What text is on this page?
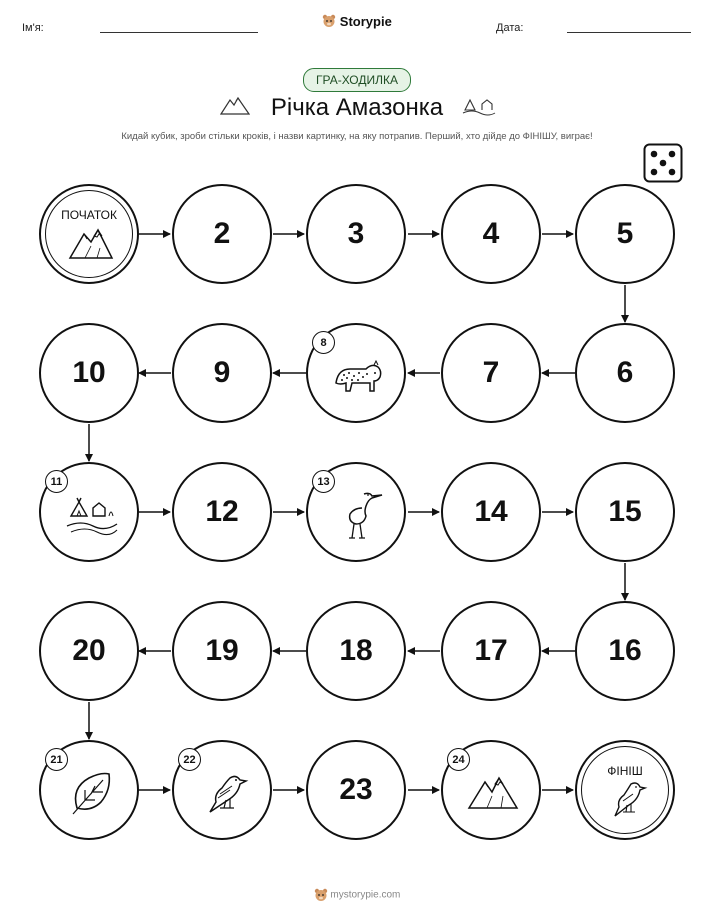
Ім'я:	Storypie	Дата:
ГРА-ХОДИЛКА
Річка Амазонка
Кидай кубик, зроби стільки кроків, і назви картинку, на яку потрапив. Перший, хто дійде до ФІНІШУ, виграє!
ПОЧАТОК
2	3	4	5
10	9
8
7	6
11
12
13
14	15
20	19	18	17	16
21	22
23
24
ФІНІШ
mystorypie.com
